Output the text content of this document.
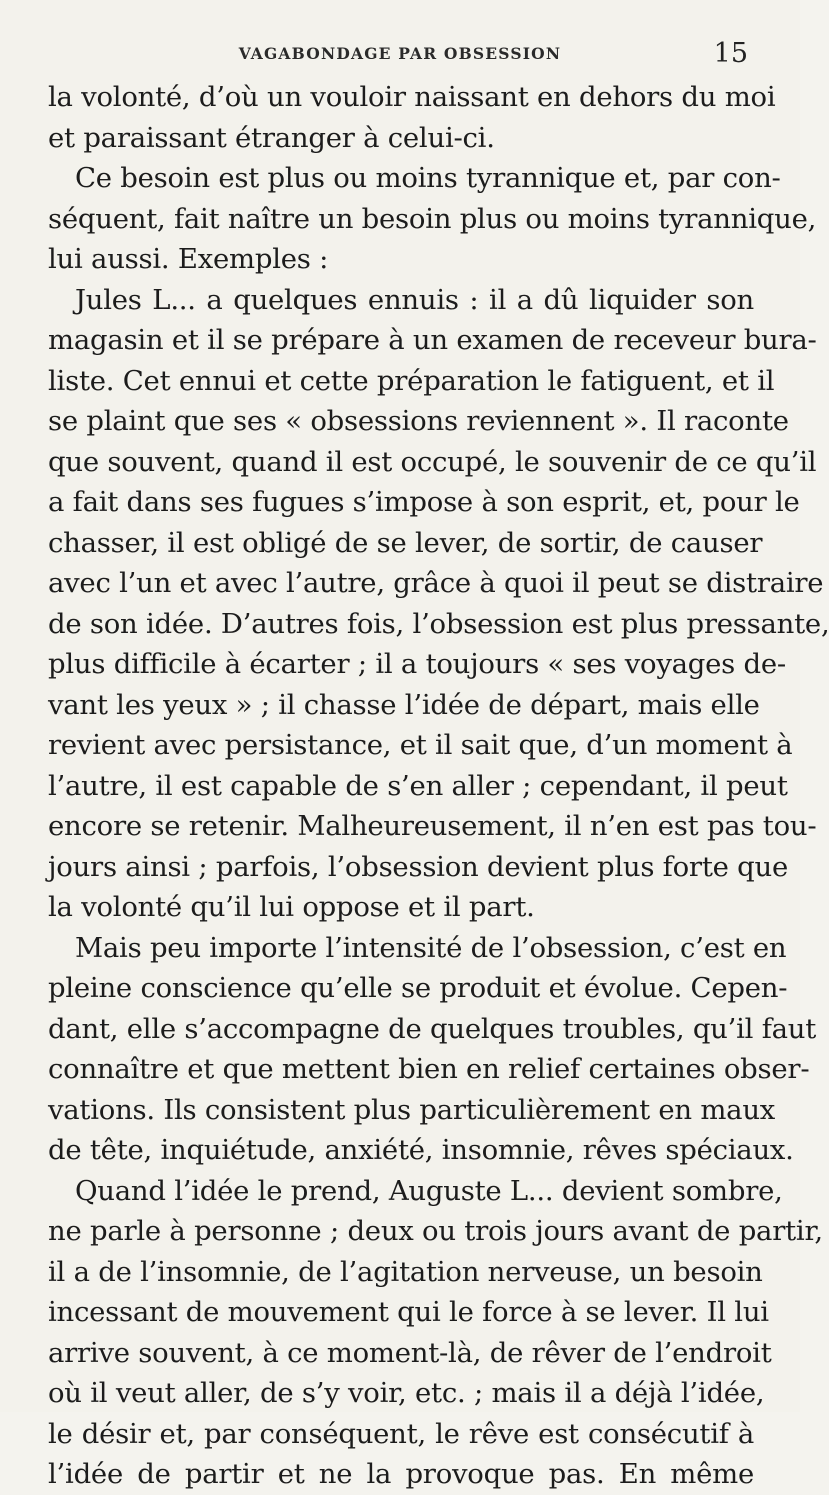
VAGABONDAGE PAR OBSESSION	15
la volonté, d’où un vouloir naissant en dehors du moi
et paraissant étranger à celui-ci.
Ce besoin est plus ou moins tyrannique et, par con-
séquent, fait naître un besoin plus ou moins tyrannique,
lui aussi. Exemples :
Jules L... a quelques ennuis : il a dû liquider son
magasin et il se prépare à un examen de receveur bura-
liste. Cet ennui et cette préparation le fatiguent, et il
se plaint que ses « obsessions reviennent ». Il raconte
que souvent, quand il est occupé, le souvenir de ce qu’il
a fait dans ses fugues s’impose à son esprit, et, pour le
chasser, il est obligé de se lever, de sortir, de causer
avec l’un et avec l’autre, grâce à quoi il peut se distraire
de son idée. D’autres fois, l’obsession est plus pressante,
plus difficile à écarter ; il a toujours « ses voyages de-
vant les yeux » ; il chasse l’idée de départ, mais elle
revient avec persistance, et il sait que, d’un moment à
l’autre, il est capable de s’en aller ; cependant, il peut
encore se retenir. Malheureusement, il n’en est pas tou-
jours ainsi ; parfois, l’obsession devient plus forte que
la volonté qu’il lui oppose et il part.
Mais peu importe l’intensité de l’obsession, c’est en
pleine conscience qu’elle se produit et évolue. Cepen-
dant, elle s’accompagne de quelques troubles, qu’il faut
connaître et que mettent bien en relief certaines obser-
vations. Ils consistent plus particulièrement en maux
de tête, inquiétude, anxiété, insomnie, rêves spéciaux.
Quand l’idée le prend, Auguste L... devient sombre,
ne parle à personne ; deux ou trois jours avant de partir,
il a de l’insomnie, de l’agitation nerveuse, un besoin
incessant de mouvement qui le force à se lever. Il lui
arrive souvent, à ce moment-là, de rêver de l’endroit
où il veut aller, de s’y voir, etc. ; mais il a déjà l’idée,
le désir et, par conséquent, le rêve est consécutif à
l’idée de partir et ne la provoque pas. En même
